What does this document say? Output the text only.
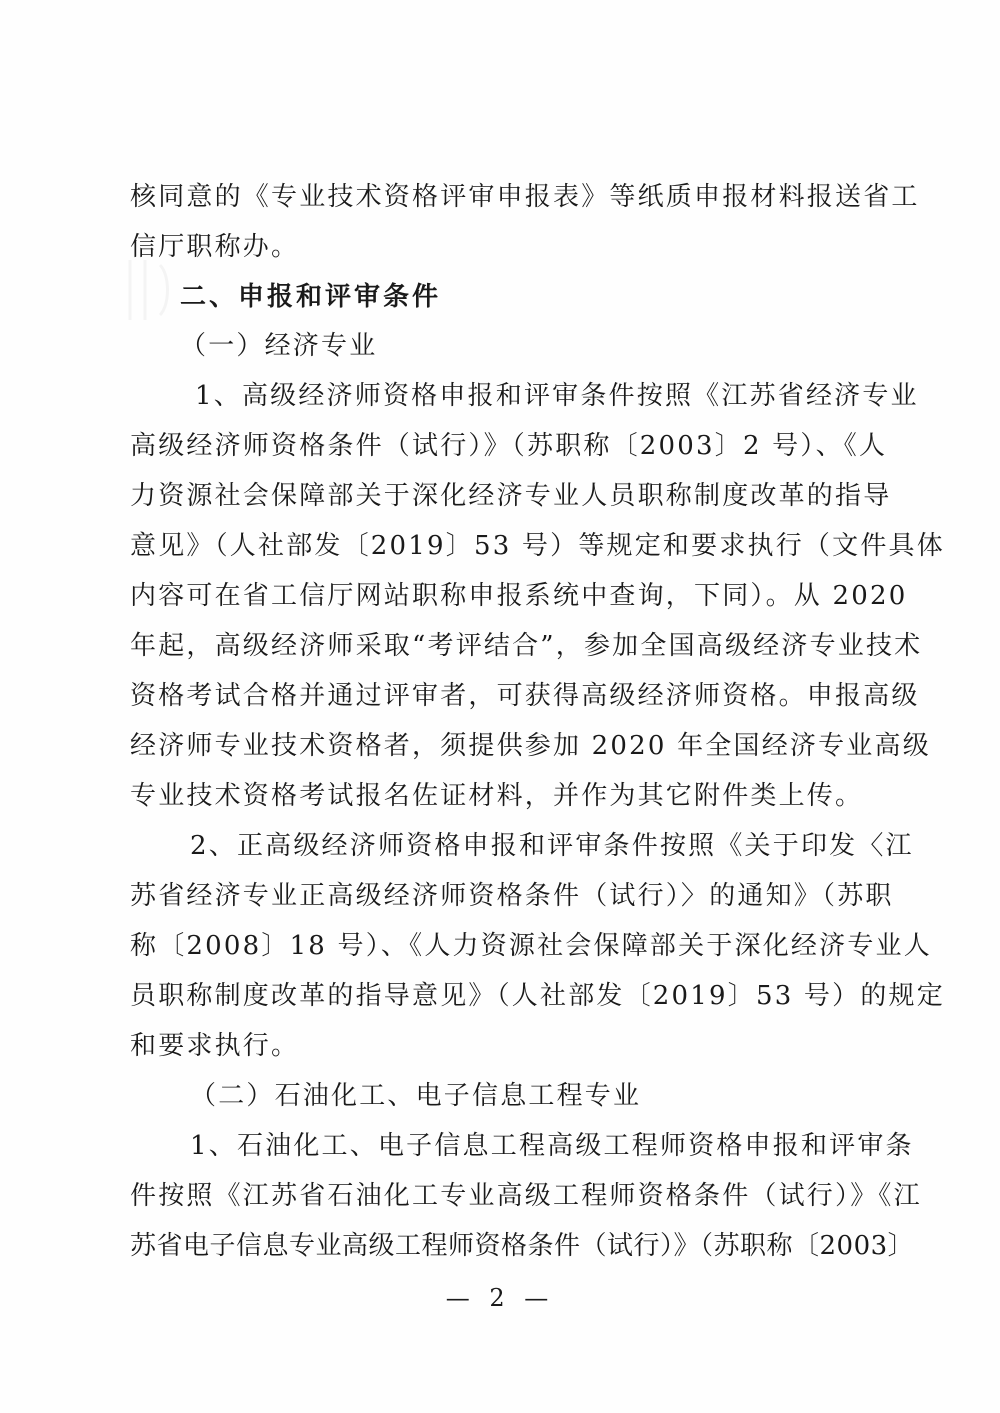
核同意的《专业技术资格评审申报表》等纸质申报材料报送省工
信厅职称办。
二、申报和评审条件
（一）经济专业
1、高级经济师资格申报和评审条件按照《江苏省经济专业
高级经济师资格条件（试行）》（苏职称〔2003〕2 号）、《人
力资源社会保障部关于深化经济专业人员职称制度改革的指导
意见》（人社部发〔2019〕53 号）等规定和要求执行（文件具体
内容可在省工信厅网站职称申报系统中查询，下同）。从 2020
年起，高级经济师采取“考评结合”，参加全国高级经济专业技术
资格考试合格并通过评审者，可获得高级经济师资格。申报高级
经济师专业技术资格者，须提供参加 2020 年全国经济专业高级
专业技术资格考试报名佐证材料，并作为其它附件类上传。
2、正高级经济师资格申报和评审条件按照《关于印发〈江
苏省经济专业正高级经济师资格条件（试行）〉的通知》（苏职
称〔2008〕18 号）、《人力资源社会保障部关于深化经济专业人
员职称制度改革的指导意见》（人社部发〔2019〕53 号）的规定
和要求执行。
（二）石油化工、电子信息工程专业
1、石油化工、电子信息工程高级工程师资格申报和评审条
件按照《江苏省石油化工专业高级工程师资格条件（试行）》《江
苏省电子信息专业高级工程师资格条件（试行）》（苏职称〔2003〕
— 2 —
